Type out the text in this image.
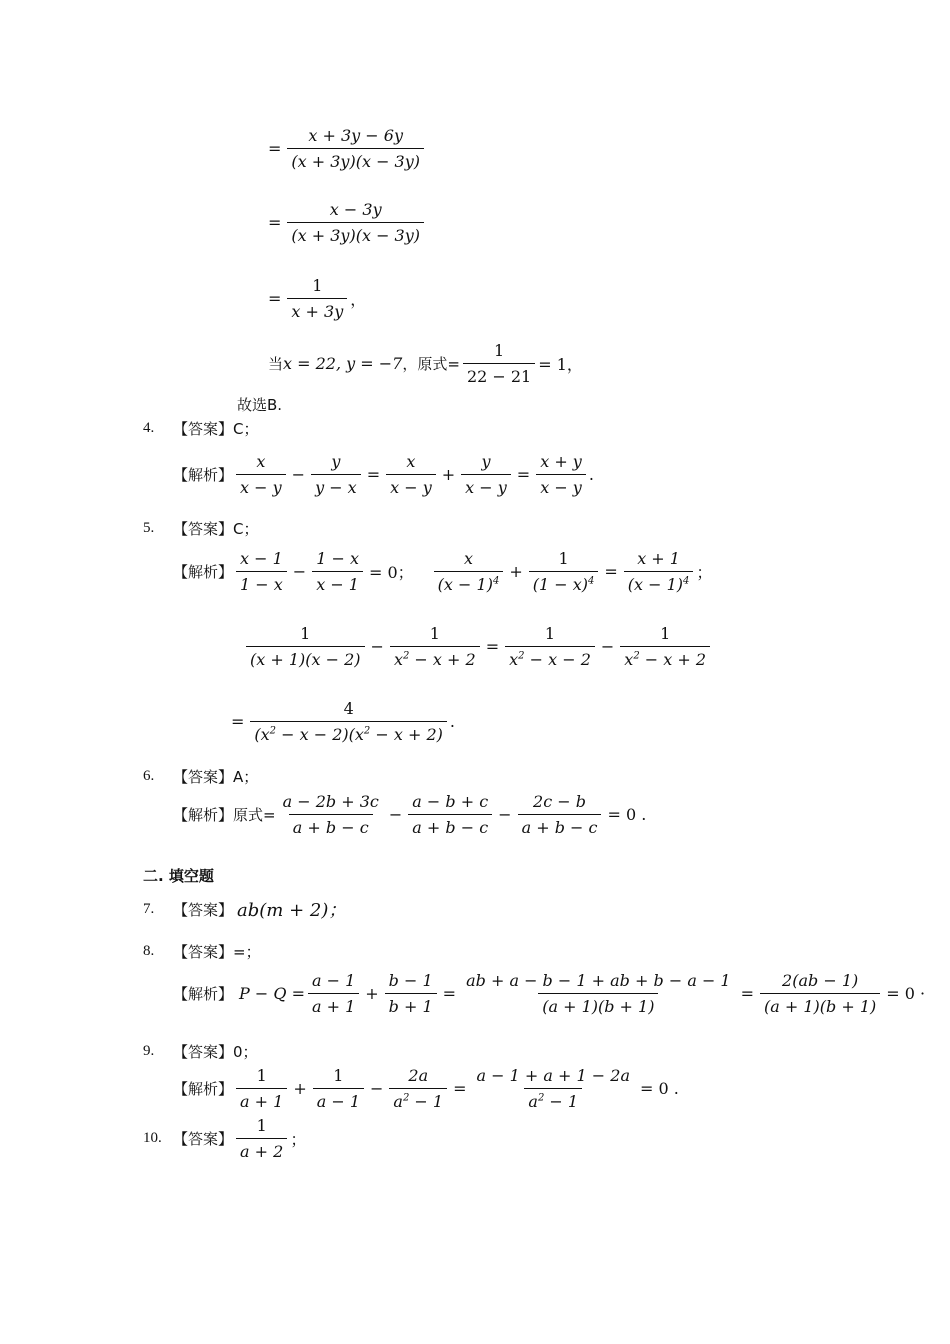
= $\frac{x + 3y - 6y}{(x + 3y)(x - 3y)}$
= $\frac{x - 3y}{(x + 3y)(x - 3y)}$
= $\frac{1}{x + 3y}$ ，
当 x = 22, y = −7 ，原式= $\frac{1}{22 - 21} = 1$，
故选B.
4.	【答案】 C；
【解析】 $\frac{x}{x - y} - \frac{y}{y - x} = \frac{x}{x - y} + \frac{y}{x - y} = \frac{x + y}{x - y}$ .
5.	【答案】 C；
【解析】 $\frac{x - 1}{1 - x} - \frac{1 - x}{x - 1} = 0$； $\frac{x}{(x - 1)^4} + \frac{1}{(1 - x)^4} = \frac{x + 1}{(x - 1)^4}$ ；
$\frac{1}{(x + 1)(x - 2)} - \frac{1}{x^2 - x + 2} = \frac{1}{x^2 - x - 2} - \frac{1}{x^2 - x + 2}$
= $\frac{4}{(x^2 - x - 2)(x^2 - x + 2)}$ .
6.	【答案】 A；
【解析】 原式= $\frac{a - 2b + 3c}{a + b - c} - \frac{a - b + c}{a + b - c} - \frac{2c - b}{a + b - c} = 0$ .
二. 填空题
7.	【答案】 ab(m + 2)；
8.	【答案】 =；
【解析】 $P - Q = \frac{a - 1}{a + 1} + \frac{b - 1}{b + 1} = \frac{ab + a - b - 1 + ab + b - a - 1}{(a + 1)(b + 1)} = \frac{2(ab - 1)}{(a + 1)(b + 1)} = 0$ ·
9.	【答案】 0；
【解析】 $\frac{1}{a + 1} + \frac{1}{a - 1} - \frac{2a}{a^2 - 1} = \frac{a - 1 + a + 1 - 2a}{a^2 - 1} = 0$ .
10. 【答案】 $\frac{1}{a + 2}$ ；
